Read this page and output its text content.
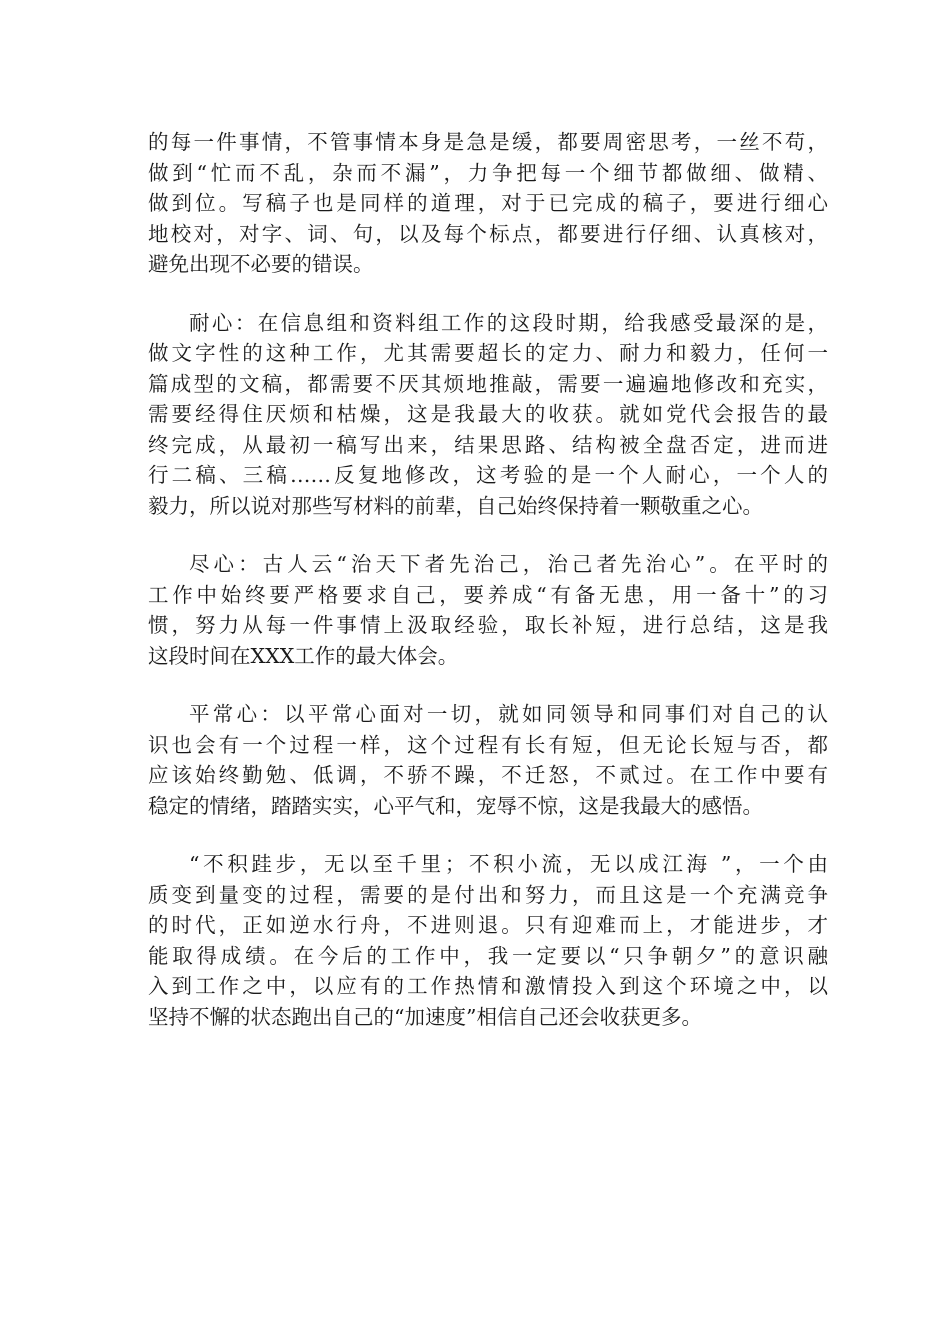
的每一件事情，不管事情本身是急是缓，都要周密思考，一丝不苟，
做到“忙而不乱，杂而不漏”，力争把每一个细节都做细、做精、
做到位。写稿子也是同样的道理，对于已完成的稿子，要进行细心
地校对，对字、词、句，以及每个标点，都要进行仔细、认真核对，
避免出现不必要的错误。
耐心：在信息组和资料组工作的这段时期，给我感受最深的是，
做文字性的这种工作，尤其需要超长的定力、耐力和毅力，任何一
篇成型的文稿，都需要不厌其烦地推敲，需要一遍遍地修改和充实，
需要经得住厌烦和枯燥，这是我最大的收获。就如党代会报告的最
终完成，从最初一稿写出来，结果思路、结构被全盘否定，进而进
行二稿、三稿……反复地修改，这考验的是一个人耐心，一个人的
毅力，所以说对那些写材料的前辈，自己始终保持着一颗敬重之心。
尽心：古人云“治天下者先治己，治己者先治心”。在平时的
工作中始终要严格要求自己，要养成“有备无患，用一备十”的习
惯，努力从每一件事情上汲取经验，取长补短，进行总结，这是我
这段时间在XXX工作的最大体会。
平常心：以平常心面对一切，就如同领导和同事们对自己的认
识也会有一个过程一样，这个过程有长有短，但无论长短与否，都
应该始终勤勉、低调，不骄不躁，不迁怒，不贰过。在工作中要有
稳定的情绪，踏踏实实，心平气和，宠辱不惊，这是我最大的感悟。
“不积跬步，无以至千里；不积小流，无以成江海 ”，一个由
质变到量变的过程，需要的是付出和努力，而且这是一个充满竞争
的时代，正如逆水行舟，不进则退。只有迎难而上，才能进步，才
能取得成绩。在今后的工作中，我一定要以“只争朝夕”的意识融
入到工作之中，以应有的工作热情和激情投入到这个环境之中，以
坚持不懈的状态跑出自己的“加速度”相信自己还会收获更多。
